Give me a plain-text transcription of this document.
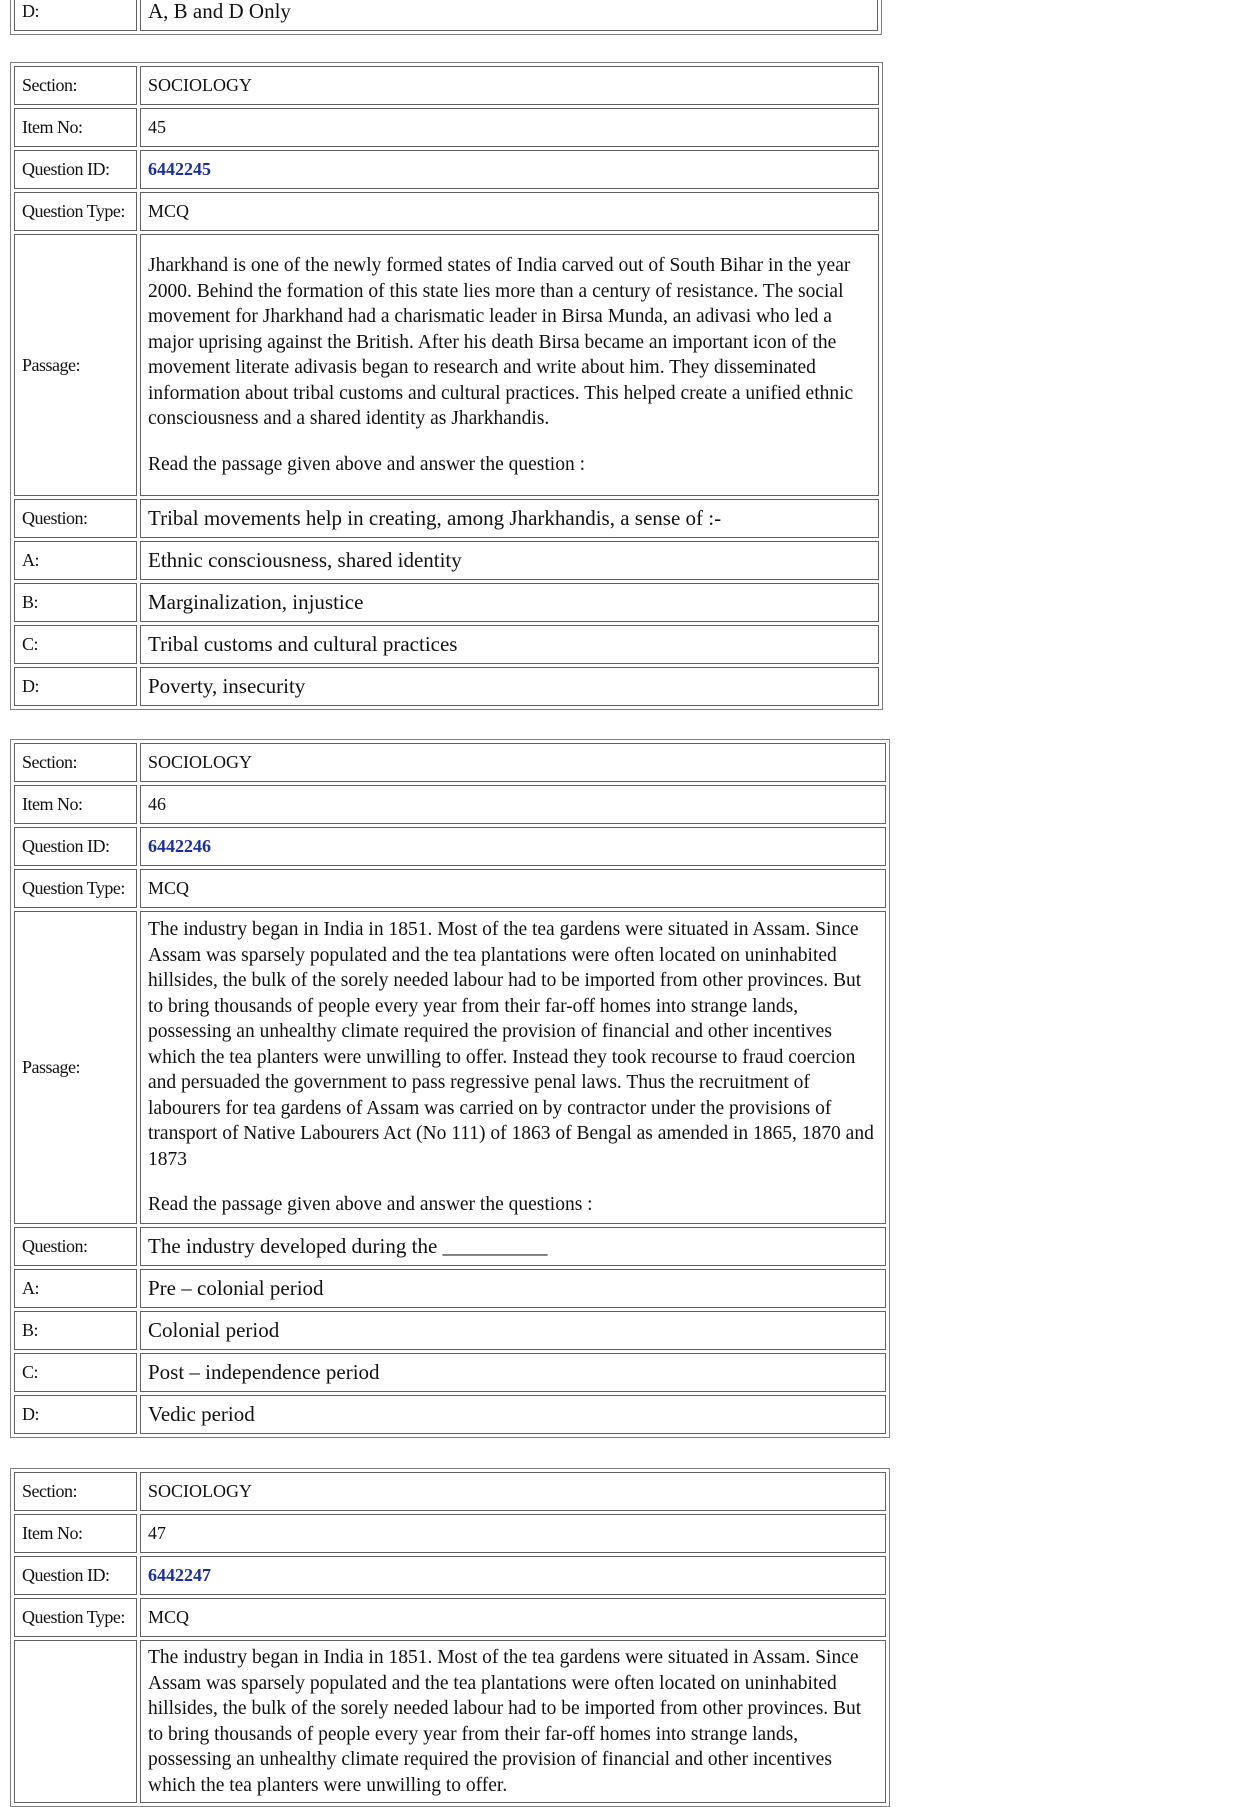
D:	A, B and D Only
Section:	SOCIOLOGY
Item No:	45
Question ID:	6442245
Question Type:	MCQ
Passage:	Jharkhand is one of the newly formed states of India carved out of South Bihar in the year 2000. Behind the formation of this state lies more than a century of resistance. The social movement for Jharkhand had a charismatic leader in Birsa Munda, an adivasi who led a major uprising against the British. After his death Birsa became an important icon of the movement literate adivasis began to research and write about him. They disseminated information about tribal customs and cultural practices. This helped create a unified ethnic consciousness and a shared identity as Jharkhandis.

Read the passage given above and answer the question :

Question:	Tribal movements help in creating, among Jharkhandis, a sense of :-
A:	Ethnic consciousness, shared identity
B:	Marginalization, injustice
C:	Tribal customs and cultural practices
D:	Poverty, insecurity
Section:	SOCIOLOGY
Item No:	46
Question ID:	6442246
Question Type:	MCQ
Passage:	The industry began in India in 1851. Most of the tea gardens were situated in Assam. Since Assam was sparsely populated and the tea plantations were often located on uninhabited hillsides, the bulk of the sorely needed labour had to be imported from other provinces. But to bring thousands of people every year from their far-off homes into strange lands, possessing an unhealthy climate required the provision of financial and other incentives which the tea planters were unwilling to offer. Instead they took recourse to fraud coercion and persuaded the government to pass regressive penal laws. Thus the recruitment of labourers for tea gardens of Assam was carried on by contractor under the provisions of transport of Native Labourers Act (No 111) of 1863 of Bengal as amended in 1865, 1870 and 1873

Read the passage given above and answer the questions :

Question:	The industry developed during the __________
A:	Pre – colonial period
B:	Colonial period
C:	Post – independence period
D:	Vedic period
Section:	SOCIOLOGY
Item No:	47
Question ID:	6442247
Question Type:	MCQ

	The industry began in India in 1851. Most of the tea gardens were situated in Assam. Since Assam was sparsely populated and the tea plantations were often located on uninhabited hillsides, the bulk of the sorely needed labour had to be imported from other provinces. But to bring thousands of people every year from their far-off homes into strange lands, possessing an unhealthy climate required the provision of financial and other incentives which the tea planters were unwilling to offer.
